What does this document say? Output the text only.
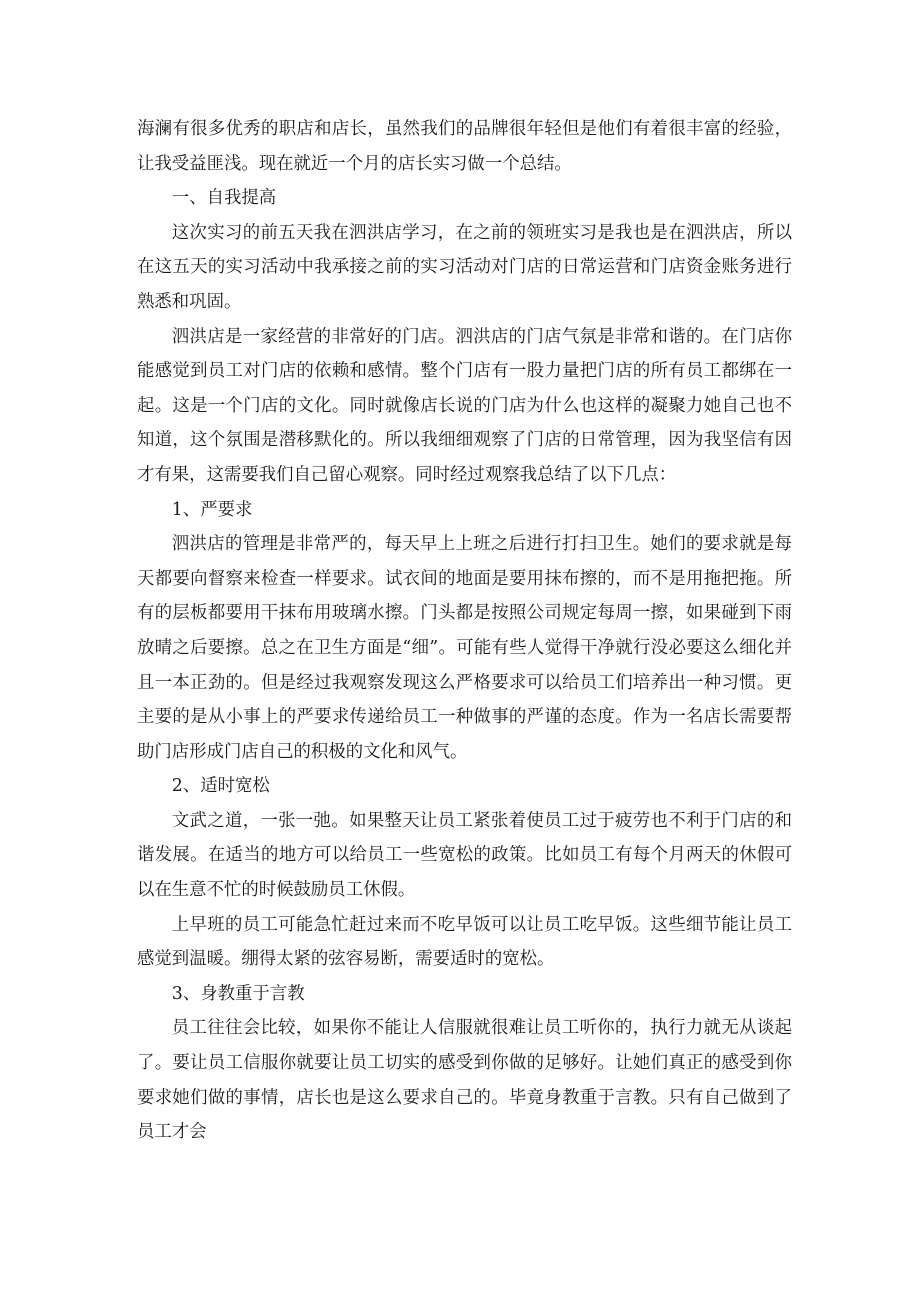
海澜有很多优秀的职店和店长，虽然我们的品牌很年轻但是他们有着很丰富的经验，让我受益匪浅。现在就近一个月的店长实习做一个总结。

一、自我提高

这次实习的前五天我在泗洪店学习，在之前的领班实习是我也是在泗洪店，所以在这五天的实习活动中我承接之前的实习活动对门店的日常运营和门店资金账务进行熟悉和巩固。

泗洪店是一家经营的非常好的门店。泗洪店的门店气氛是非常和谐的。在门店你能感觉到员工对门店的依赖和感情。整个门店有一股力量把门店的所有员工都绑在一起。这是一个门店的文化。同时就像店长说的门店为什么也这样的凝聚力她自己也不知道，这个氛围是潜移默化的。所以我细细观察了门店的日常管理，因为我坚信有因才有果，这需要我们自己留心观察。同时经过观察我总结了以下几点：

1、严要求

泗洪店的管理是非常严的，每天早上上班之后进行打扫卫生。她们的要求就是每天都要向督察来检查一样要求。试衣间的地面是要用抹布擦的，而不是用拖把拖。所有的层板都要用干抹布用玻璃水擦。门头都是按照公司规定每周一擦，如果碰到下雨放晴之后要擦。总之在卫生方面是“细”。可能有些人觉得干净就行没必要这么细化并且一本正劲的。但是经过我观察发现这么严格要求可以给员工们培养出一种习惯。更主要的是从小事上的严要求传递给员工一种做事的严谨的态度。作为一名店长需要帮助门店形成门店自己的积极的文化和风气。

2、适时宽松

文武之道，一张一弛。如果整天让员工紧张着使员工过于疲劳也不利于门店的和谐发展。在适当的地方可以给员工一些宽松的政策。比如员工有每个月两天的休假可以在生意不忙的时候鼓励员工休假。

上早班的员工可能急忙赶过来而不吃早饭可以让员工吃早饭。这些细节能让员工感觉到温暖。绷得太紧的弦容易断，需要适时的宽松。

3、身教重于言教

员工往往会比较，如果你不能让人信服就很难让员工听你的，执行力就无从谈起了。要让员工信服你就要让员工切实的感受到你做的足够好。让她们真正的感受到你要求她们做的事情，店长也是这么要求自己的。毕竟身教重于言教。只有自己做到了员工才会
